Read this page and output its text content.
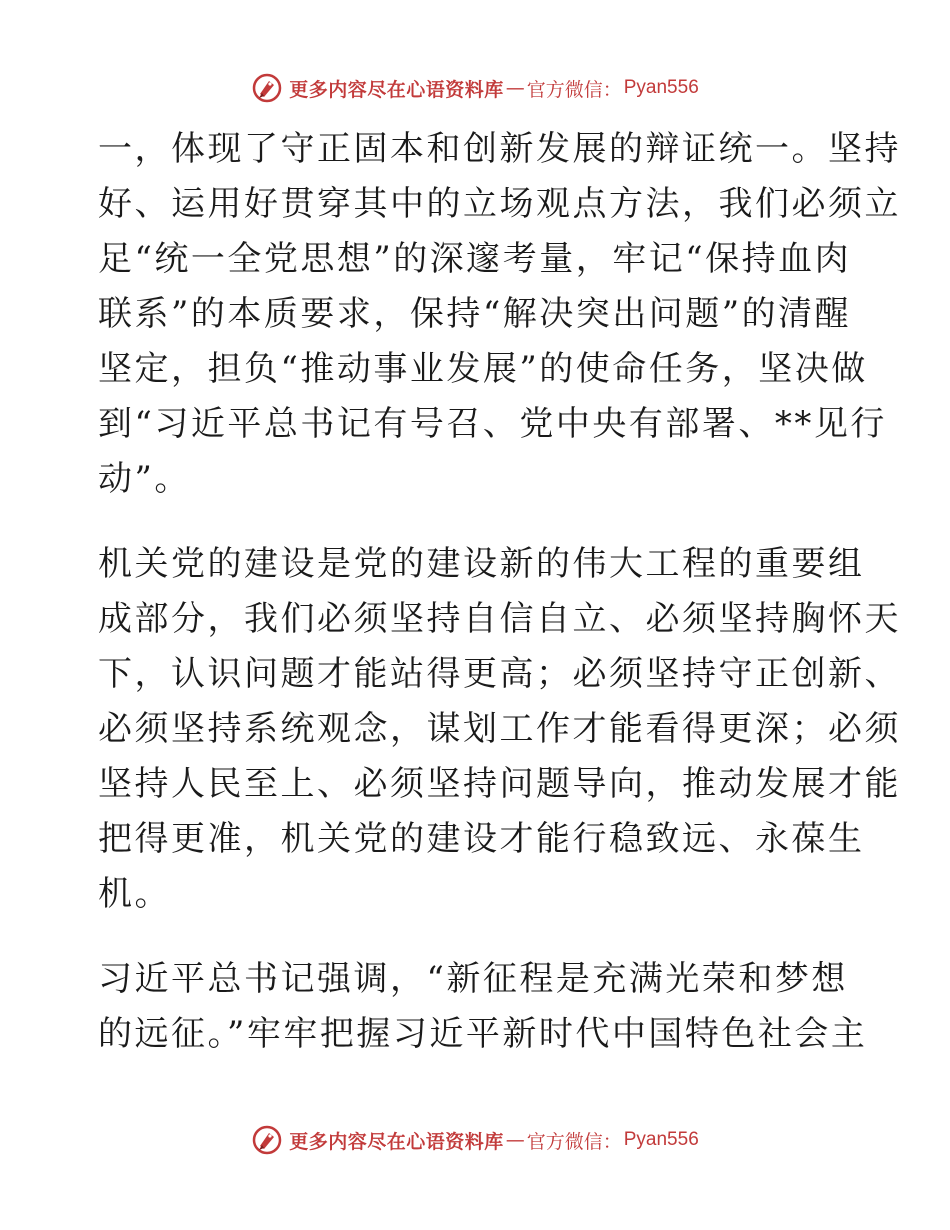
更多内容尽在心语资料库 — 官方微信： Pyan556
一，体现了守正固本和创新发展的辩证统一。坚持
好、运用好贯穿其中的立场观点方法，我们必须立
足“统一全党思想”的深邃考量，牢记“保持血肉
联系”的本质要求，保持“解决突出问题”的清醒
坚定，担负“推动事业发展”的使命任务，坚决做
到“习近平总书记有号召、党中央有部署、**见行
动”。
机关党的建设是党的建设新的伟大工程的重要组
成部分，我们必须坚持自信自立、必须坚持胸怀天
下，认识问题才能站得更高；必须坚持守正创新、
必须坚持系统观念，谋划工作才能看得更深；必须
坚持人民至上、必须坚持问题导向，推动发展才能
把得更准，机关党的建设才能行稳致远、永葆生
机。
习近平总书记强调，“新征程是充满光荣和梦想
的远征。”牢牢把握习近平新时代中国特色社会主
更多内容尽在心语资料库 — 官方微信： Pyan556
